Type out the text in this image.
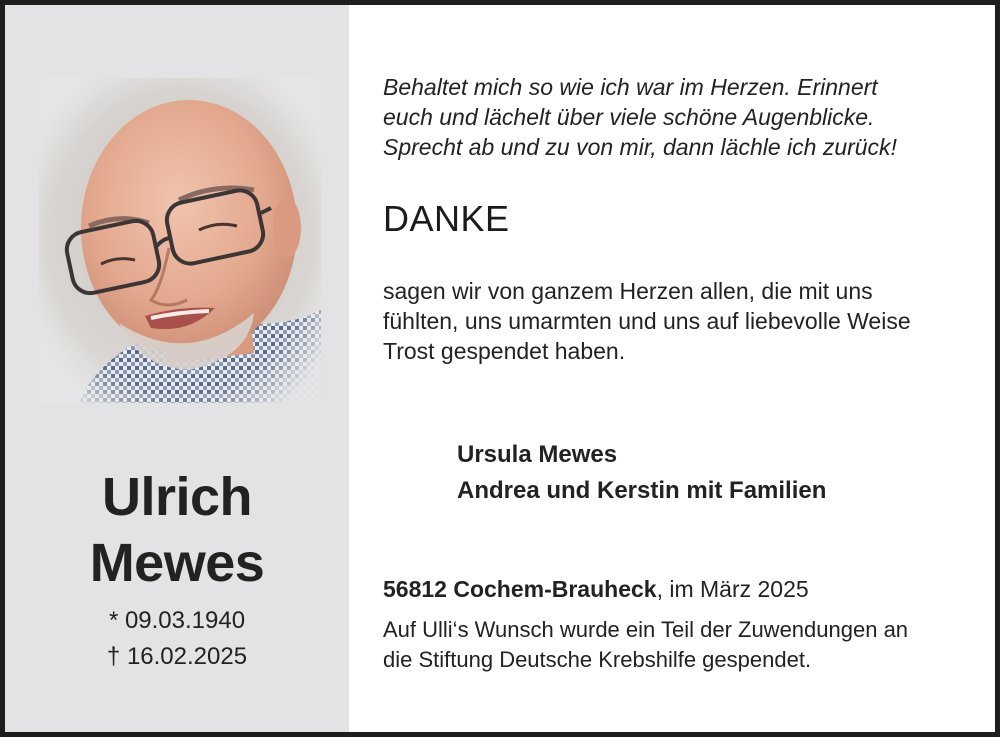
Ulrich
Mewes
* 09.03.1940
† 16.02.2025

Behaltet mich so wie ich war im Herzen. Erinnert
euch und lächelt über viele schöne Augenblicke.
Sprecht ab und zu von mir, dann lächle ich zurück!

DANKE

sagen wir von ganzem Herzen allen, die mit uns
fühlten, uns umarmten und uns auf liebevolle Weise
Trost gespendet haben.

Ursula Mewes
Andrea und Kerstin mit Familien
56812 Cochem-Brauheck, im März 2025

Auf Ulli‘s Wunsch wurde ein Teil der Zuwendungen an
die Stiftung Deutsche Krebshilfe gespendet.
